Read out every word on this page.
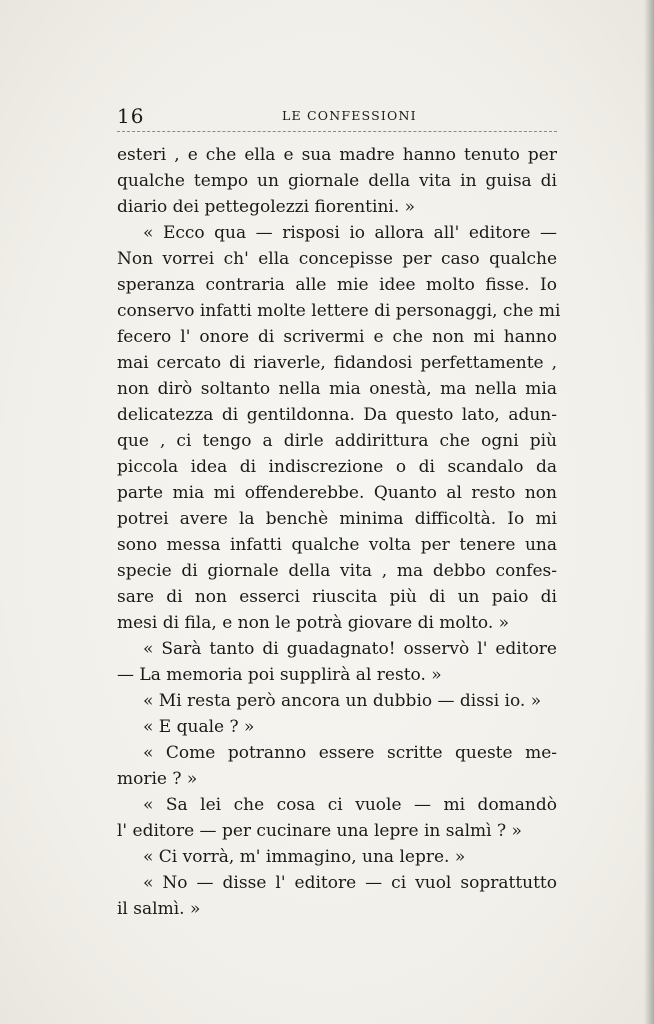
16	LE CONFESSIONI
esteri , e che ella e sua madre hanno tenuto per
qualche tempo un giornale della vita in guisa di
diario dei pettegolezzi fiorentini. »
« Ecco qua — risposi io allora all' editore —
Non vorrei ch' ella concepisse per caso qualche
speranza contraria alle mie idee molto fisse. Io
conservo infatti molte lettere di personaggi, che mi
fecero l' onore di scrivermi e che non mi hanno
mai cercato di riaverle, fidandosi perfettamente ,
non dirò soltanto nella mia onestà, ma nella mia
delicatezza di gentildonna. Da questo lato, adun-
que , ci tengo a dirle addirittura che ogni più
piccola idea di indiscrezione o di scandalo da
parte mia mi offenderebbe. Quanto al resto non
potrei avere la benchè minima difficoltà. Io mi
sono messa infatti qualche volta per tenere una
specie di giornale della vita , ma debbo confes-
sare di non esserci riuscita più di un paio di
mesi di fila, e non le potrà giovare di molto. »
« Sarà tanto di guadagnato! osservò l' editore
— La memoria poi supplirà al resto. »
« Mi resta però ancora un dubbio — dissi io. »
« E quale ? »
« Come potranno essere scritte queste me-
morie ? »
« Sa lei che cosa ci vuole — mi domandò
l' editore — per cucinare una lepre in salmì ? »
« Ci vorrà, m' immagino, una lepre. »
« No — disse l' editore — ci vuol soprattutto
il salmì. »
